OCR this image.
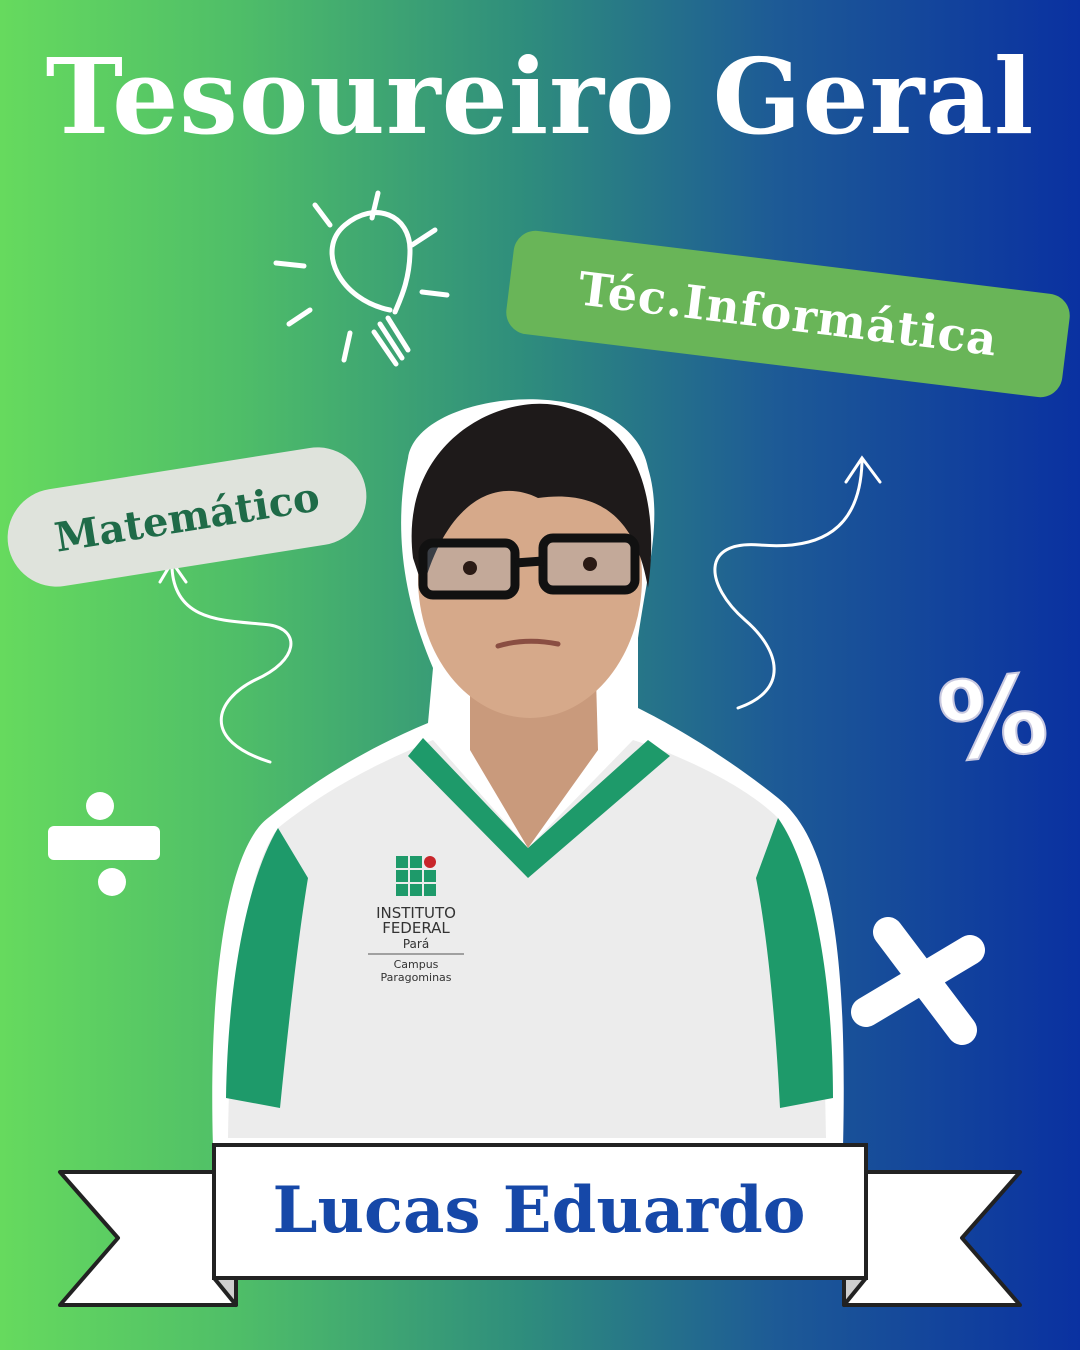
Tesoureiro Geral
%
Téc.Informática
Matemático
INSTITUTO
FEDERAL
Pará
Campus
Paragominas
Lucas Eduardo
